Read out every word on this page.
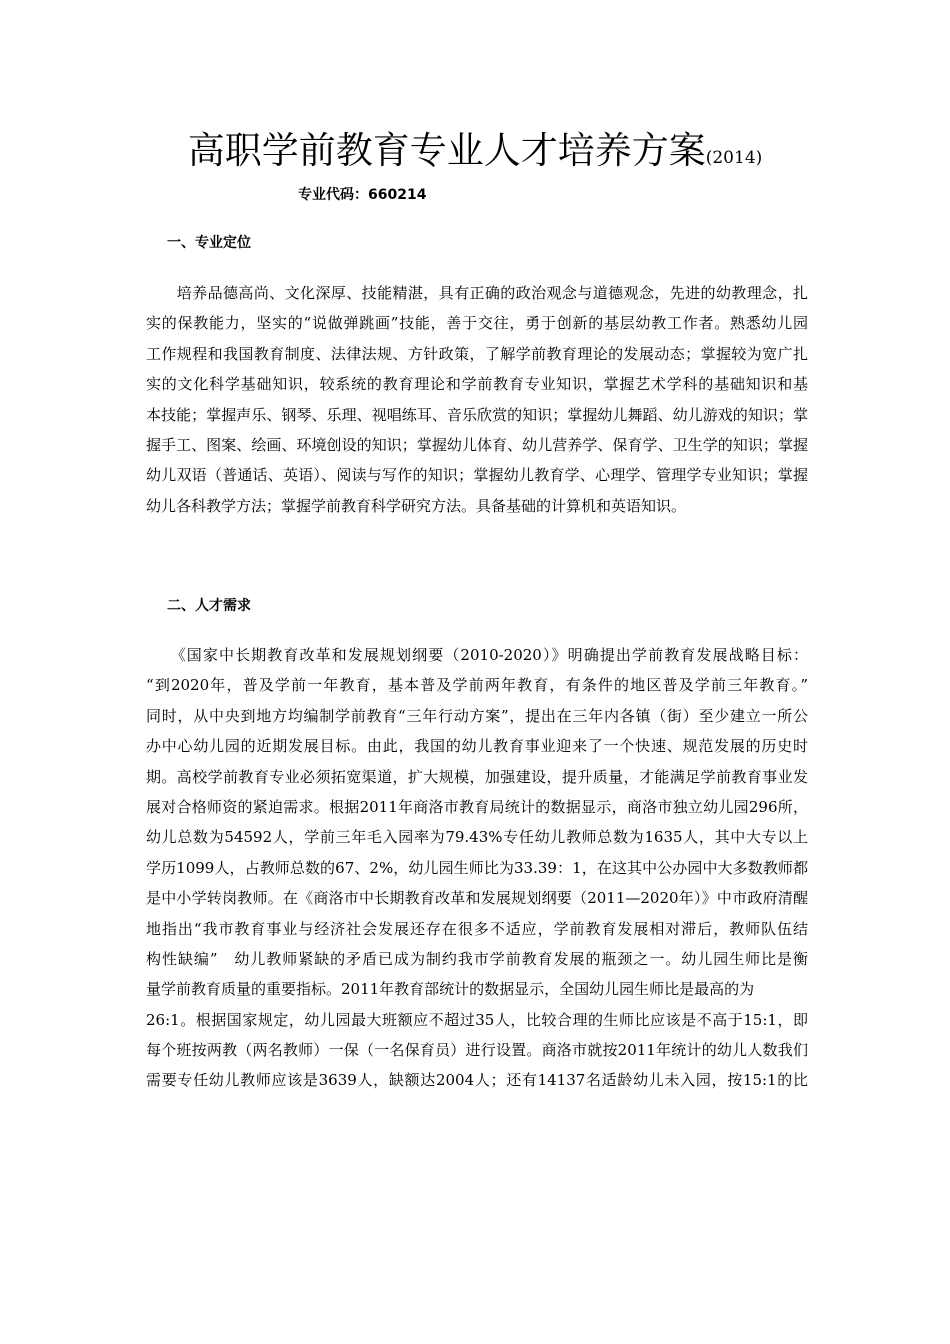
高职学前教育专业人才培养方案(2014)
专业代码：660214
一、专业定位
　　培养品德高尚、文化深厚、技能精湛，具有正确的政治观念与道德观念，先进的幼教理念，扎
实的保教能力，坚实的“说做弹跳画”技能，善于交往，勇于创新的基层幼教工作者。熟悉幼儿园
工作规程和我国教育制度、法律法规、方针政策，了解学前教育理论的发展动态；掌握较为宽广扎
实的文化科学基础知识，较系统的教育理论和学前教育专业知识，掌握艺术学科的基础知识和基
本技能；掌握声乐、钢琴、乐理、视唱练耳、音乐欣赏的知识；掌握幼儿舞蹈、幼儿游戏的知识；掌
握手工、图案、绘画、环境创设的知识；掌握幼儿体育、幼儿营养学、保育学、卫生学的知识；掌握
幼儿双语（普通话、英语）、阅读与写作的知识；掌握幼儿教育学、心理学、管理学专业知识；掌握
幼儿各科教学方法；掌握学前教育科学研究方法。具备基础的计算机和英语知识。
二、人才需求
　　《国家中长期教育改革和发展规划纲要（2010-2020）》明确提出学前教育发展战略目标：
“到2020年，普及学前一年教育，基本普及学前两年教育，有条件的地区普及学前三年教育。”
同时，从中央到地方均编制学前教育“三年行动方案”，提出在三年内各镇（街）至少建立一所公
办中心幼儿园的近期发展目标。由此，我国的幼儿教育事业迎来了一个快速、规范发展的历史时
期。高校学前教育专业必须拓宽渠道，扩大规模，加强建设，提升质量，才能满足学前教育事业发
展对合格师资的紧迫需求。根据2011年商洛市教育局统计的数据显示，商洛市独立幼儿园296所，
幼儿总数为54592人，学前三年毛入园率为79.43%专任幼儿教师总数为1635人，其中大专以上
学历1099人，占教师总数的67、2%，幼儿园生师比为33.39：1，在这其中公办园中大多数教师都
是中小学转岗教师。在《商洛市中长期教育改革和发展规划纲要（2011—2020年）》中市政府清醒
地指出“我市教育事业与经济社会发展还存在很多不适应，学前教育发展相对滞后，教师队伍结
构性缺编”　幼儿教师紧缺的矛盾已成为制约我市学前教育发展的瓶颈之一。幼儿园生师比是衡
量学前教育质量的重要指标。2011年教育部统计的数据显示，全国幼儿园生师比是最高的为
26:1。根据国家规定，幼儿园最大班额应不超过35人，比较合理的生师比应该是不高于15:1，即
每个班按两教（两名教师）一保（一名保育员）进行设置。商洛市就按2011年统计的幼儿人数我们
需要专任幼儿教师应该是3639人，缺额达2004人；还有14137名适龄幼儿未入园，按15:1的比
